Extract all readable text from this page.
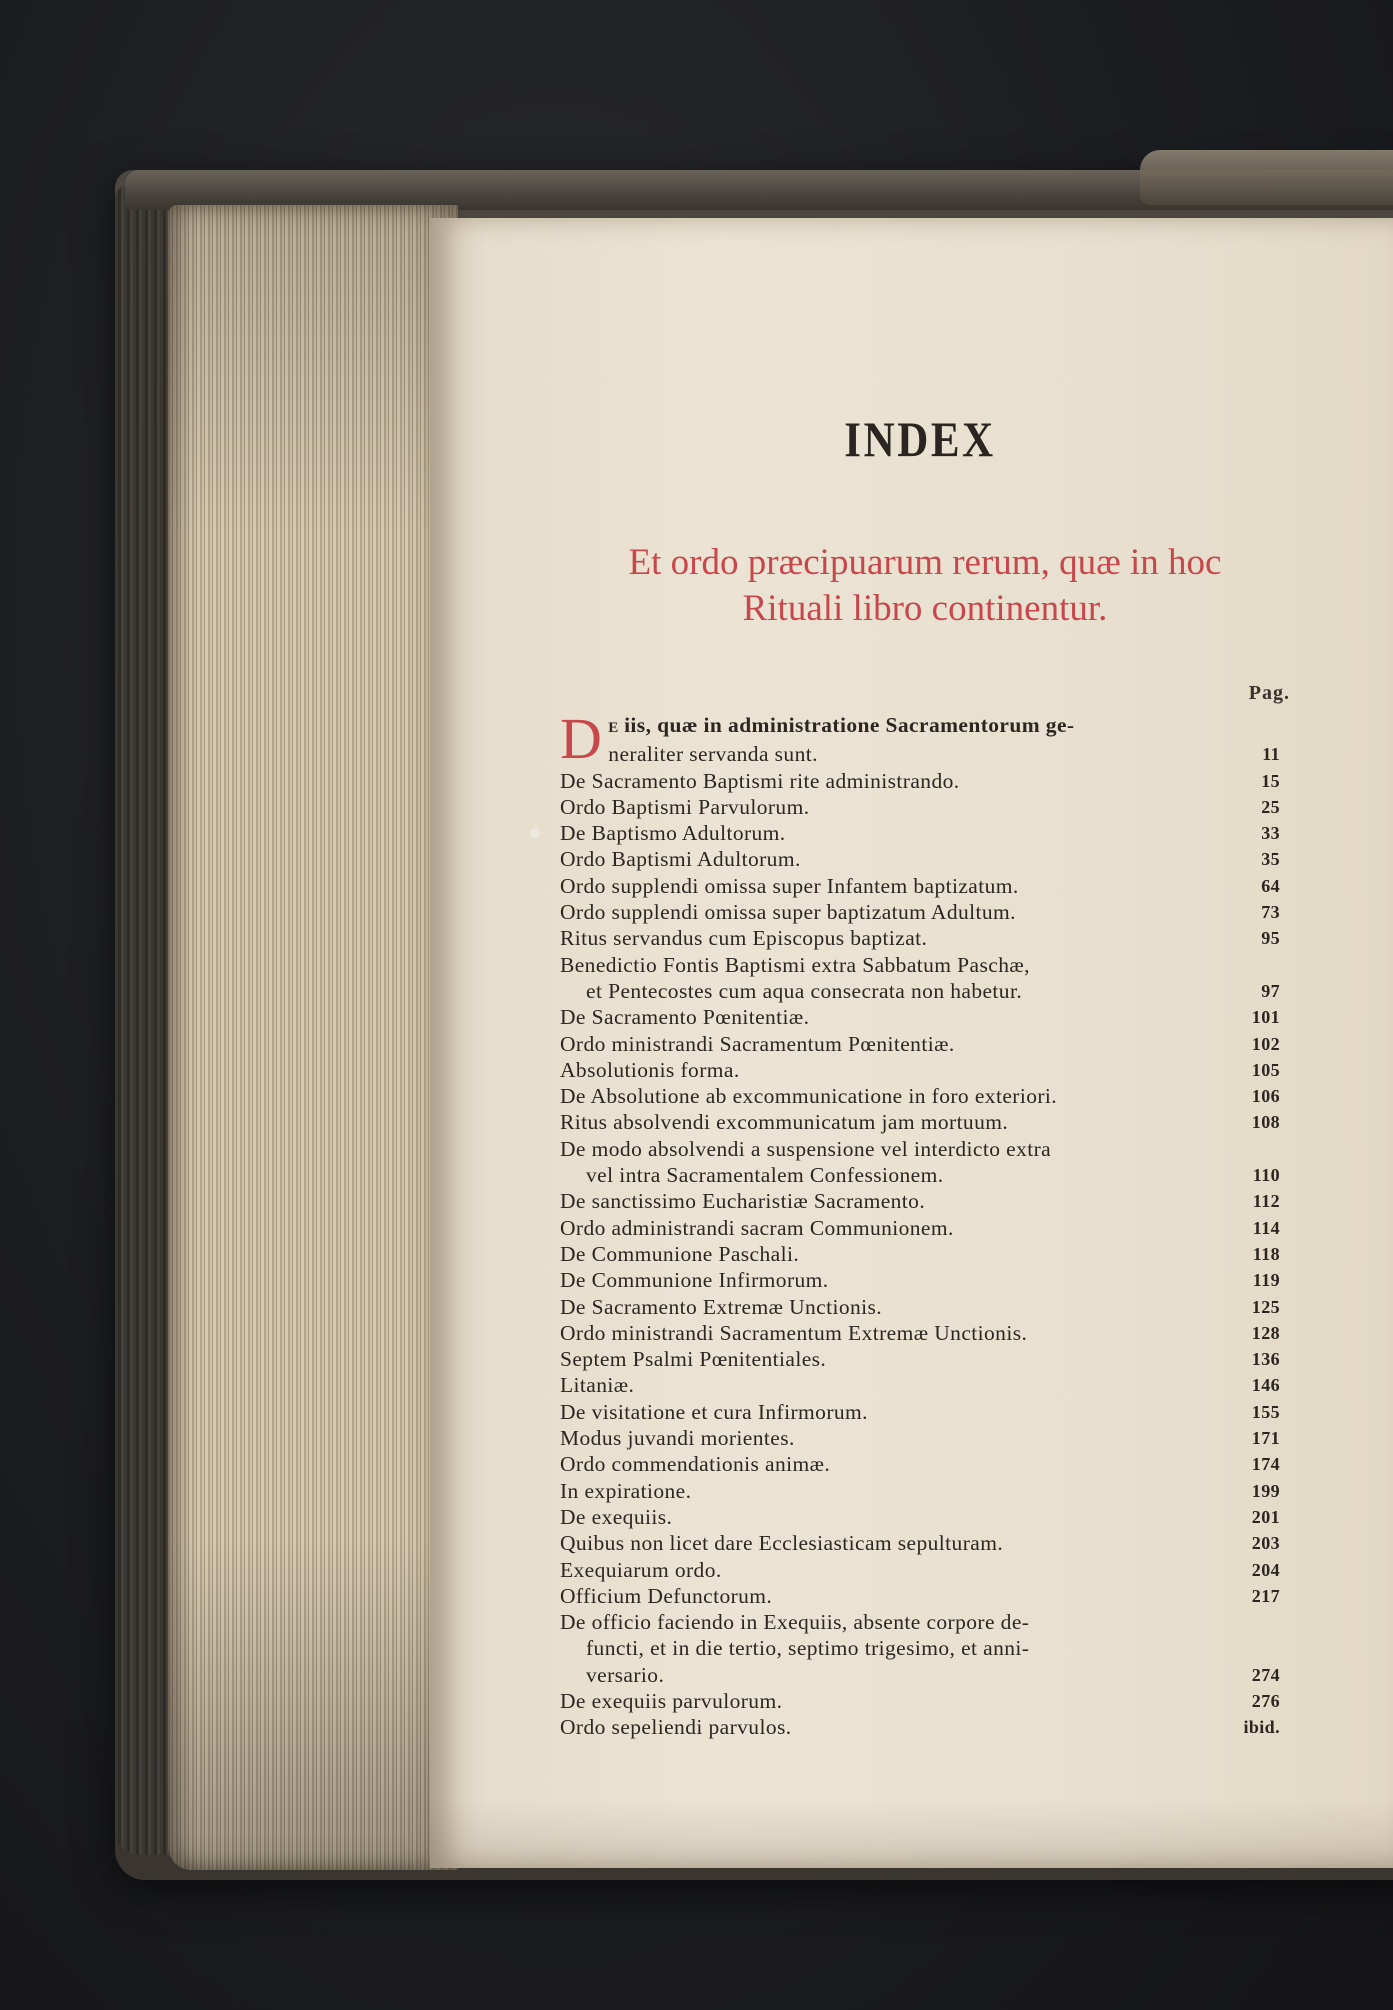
INDEX
Et ordo præcipuarum rerum, quæ in hoc
Rituali libro continentur.
Pag.
D E iis, quæ in administratione Sacramentorum ge-
neraliter servanda sunt.	11
De Sacramento Baptismi rite administrando.	15
Ordo Baptismi Parvulorum.	25
De Baptismo Adultorum.	33
Ordo Baptismi Adultorum.	35
Ordo supplendi omissa super Infantem baptizatum.	64
Ordo supplendi omissa super baptizatum Adultum.	73
Ritus servandus cum Episcopus baptizat.	95
Benedictio Fontis Baptismi extra Sabbatum Paschæ,
et Pentecostes cum aqua consecrata non habetur.	97
De Sacramento Pœnitentiæ.	101
Ordo ministrandi Sacramentum Pœnitentiæ.	102
Absolutionis forma.	105
De Absolutione ab excommunicatione in foro exteriori.	106
Ritus absolvendi excommunicatum jam mortuum.	108
De modo absolvendi a suspensione vel interdicto extra
vel intra Sacramentalem Confessionem.	110
De sanctissimo Eucharistiæ Sacramento.	112
Ordo administrandi sacram Communionem.	114
De Communione Paschali.	118
De Communione Infirmorum.	119
De Sacramento Extremæ Unctionis.	125
Ordo ministrandi Sacramentum Extremæ Unctionis.	128
Septem Psalmi Pœnitentiales.	136
Litaniæ.	146
De visitatione et cura Infirmorum.	155
Modus juvandi morientes.	171
Ordo commendationis animæ.	174
In expiratione.	199
De exequiis.	201
Quibus non licet dare Ecclesiasticam sepulturam.	203
Exequiarum ordo.	204
Officium Defunctorum.	217
De officio faciendo in Exequiis, absente corpore de-
functi, et in die tertio, septimo trigesimo, et anni-
versario.	274
De exequiis parvulorum.	276
Ordo sepeliendi parvulos.	ibid.
